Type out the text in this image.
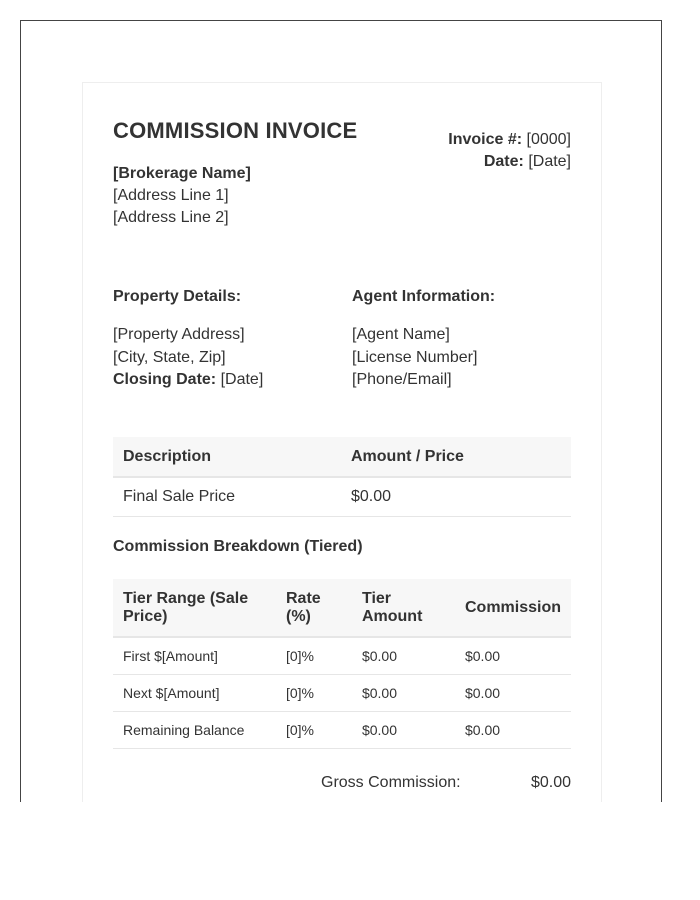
COMMISSION INVOICE
[Brokerage Name]
[Address Line 1]
[Address Line 2]
Invoice #: [0000]
Date: [Date]
Property Details:
[Property Address]
[City, State, Zip]
Closing Date: [Date]
Agent Information:
[Agent Name]
[License Number]
[Phone/Email]
Description	Amount / Price
Final Sale Price	$0.00
Commission Breakdown (Tiered)
Tier Range (Sale Price)	Rate (%)	Tier Amount	Commission
First $[Amount]	[0]%	$0.00	$0.00
Next $[Amount]	[0]%	$0.00	$0.00
Remaining Balance	[0]%	$0.00	$0.00
Gross Commission:	$0.00
